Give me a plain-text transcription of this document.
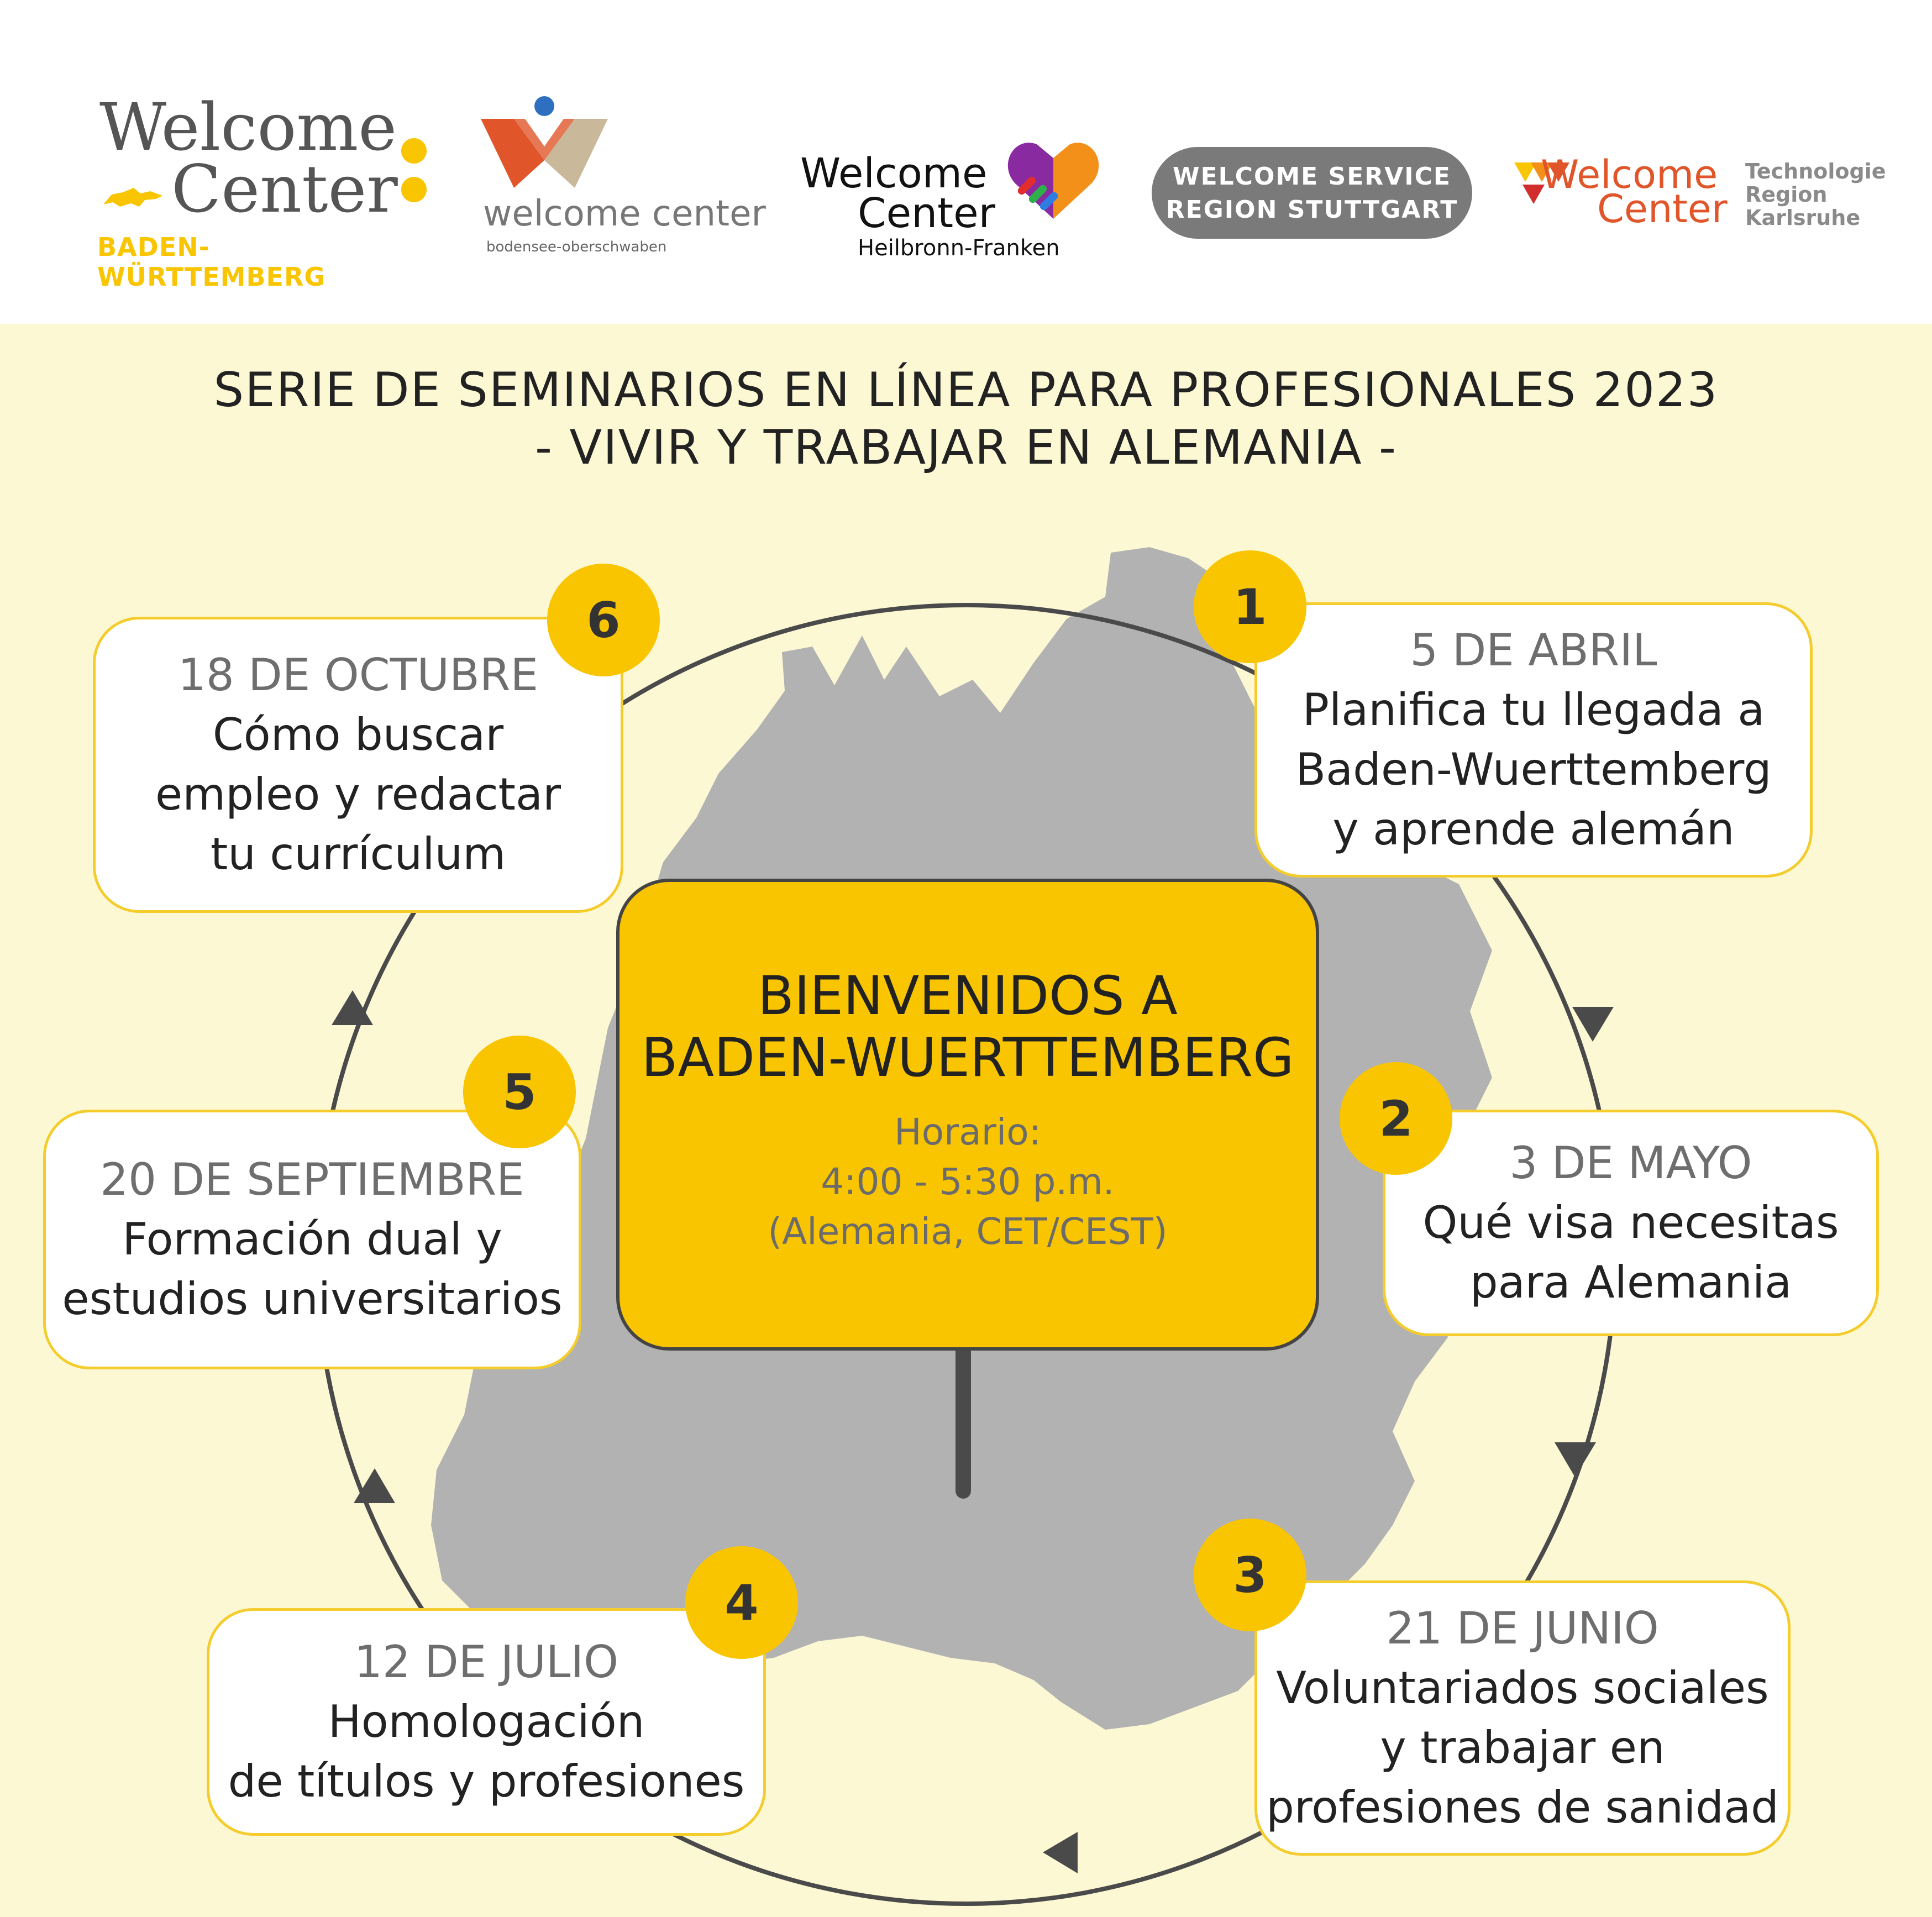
Welcome
Center
BADEN-WÜRTTEMBERG
welcome center
bodensee-oberschwaben
Welcome
Center
Heilbronn-Franken
WELCOME SERVICE
REGION STUTTGART
Welcome
Center
Technologie
Region
Karlsruhe
SERIE DE SEMINARIOS EN LÍNEA PARA PROFESIONALES 2023
- VIVIR Y TRABAJAR EN ALEMANIA -
BIENVENIDOS A
BADEN-WUERTTEMBERG
Horario:
4:00 - 5:30 p.m.
(Alemania, CET/CEST)
5 DE ABRIL
Planifica tu llegada a
Baden-Wuerttemberg
y aprende alemán
3 DE MAYO
Qué visa necesitas
para Alemania
21 DE JUNIO
Voluntariados sociales
y trabajar en
profesiones de sanidad
12 DE JULIO
Homologación
de títulos y profesiones
20 DE SEPTIEMBRE
Formación dual y
estudios universitarios
18 DE OCTUBRE
Cómo buscar
empleo y redactar
tu currículum
1
2
3
4
5
6
